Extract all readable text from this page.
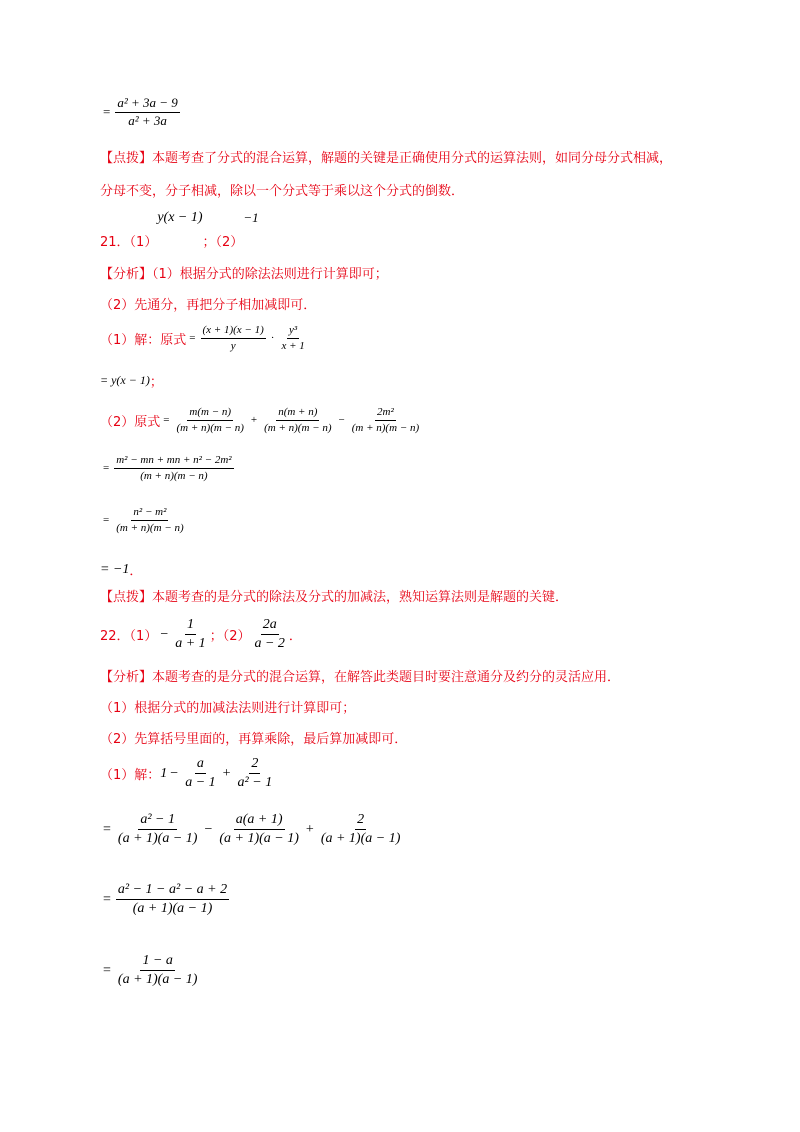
= $\frac{\text{a² + 3a − 9}}{\text{a² + 3a}}$
【点拨】本题考查了分式的混合运算，解题的关键是正确使用分式的运算法则，如同分母分式相减，
分母不变，分子相减，除以一个分式等于乘以这个分式的倒数．
21．（1）
y(x − 1)
；（2）
−1
【分析】（1）根据分式的除法法则进行计算即可；
（2）先通分，再把分子相加减即可．
（1）解：原式 = $\frac{(x + 1)(x - 1)}{y} \cdot \frac{\text{y³}}{x + 1}$
= y(x − 1) ；
（2）原式 = $\frac{m(m - n)}{(m + n)(m - n)} + \frac{n(m + n)}{(m + n)(m - n)} - \frac{\text{2m²}}{(m + n)(m - n)}$
= $\frac{\text{m² − mn + mn + n² − 2m²}}{(m + n)(m - n)}$
= $\frac{\text{n² − m²}}{(m + n)(m - n)}$
= −1 ．
【点拨】本题考查的是分式的除法及分式的加减法，熟知运算法则是解题的关键．
22．$(1) - \frac{1}{a + 1}$ ；$(2) \frac{2a}{a - 2}$ ．
【分析】本题考查的是分式的混合运算，在解答此类题目时要注意通分及约分的灵活应用．
（1）根据分式的加减法法则进行计算即可；
（2）先算括号里面的，再算乘除，最后算加减即可．
（1）解： $1 - \frac{a}{a - 1} + \frac{2}{\text{a² − 1}}$
= $\frac{\text{a² − 1}}{(a + 1)(a - 1)} - \frac{a(a + 1)}{(a + 1)(a - 1)} + \frac{2}{(a + 1)(a - 1)}$
= $\frac{\text{a² − 1 − a² − a + 2}}{(a + 1)(a - 1)}$
= $\frac{1 - a}{(a + 1)(a - 1)}$
